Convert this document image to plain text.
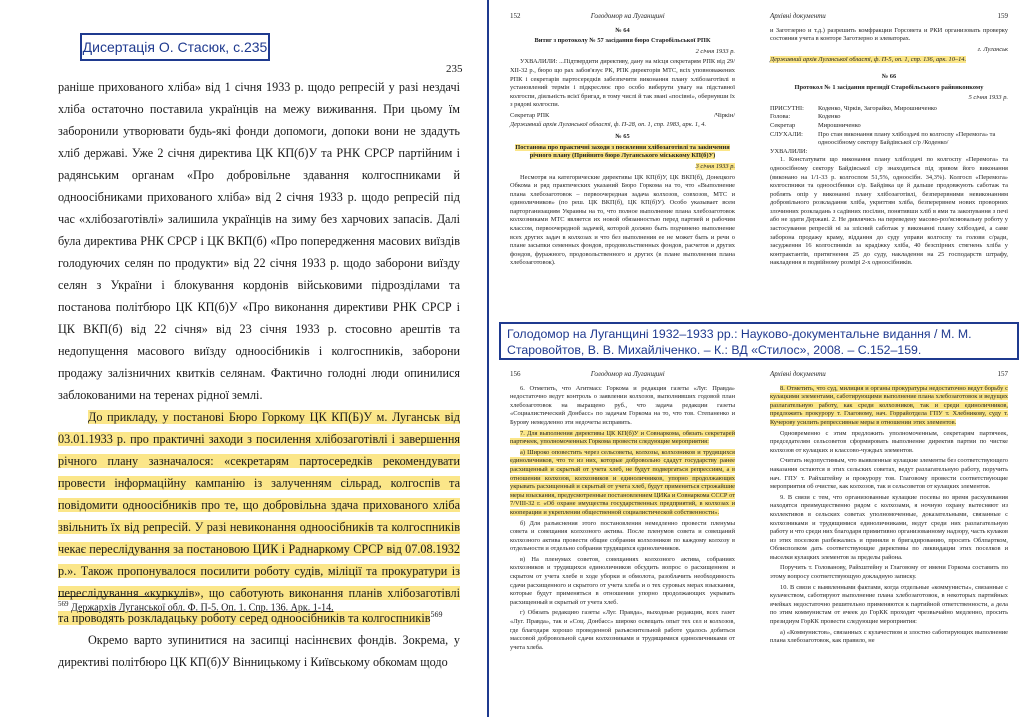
Дисертація О. Стасюк, с.235
235

раніше прихованого хліба» від 1 січня 1933 р. щодо репресій у разі нездачі хліба остаточно поставила українців на межу виживання. При цьому їм заборонили утворювати будь-які фонди допомоги, допоки вони не здадуть хліб державі. Уже 2 січня директива ЦК КП(б)У та РНК СРСР партійним і радянським органам «Про добровільне здавання колгоспниками й одноосібниками прихованого хліба» від 2 січня 1933 р. щодо репресій під час «хлібозаготівлі» залишила українців на зиму без харчових запасів. Далі була директива РНК СРСР і ЦК ВКП(б) «Про попередження масових виїздів голодуючих селян по продукти» від 22 січня 1933 р. щодо заборони виїзду селян з України і блокування кордонів військовими підрозділами та постанова політбюро ЦК КП(б)У «Про виконання директиви РНК СРСР і ЦК ВКП(б) від 22 січня» від 23 січня 1933 р. стосовно арештів та недопущення масового виїзду одноосібників і колгоспників, заборони продажу залізничних квитків селянам. Фактично голодні люди опинилися заблокованими на теренах рідної землі.

До прикладу, у постанові Бюро Горкому ЦК КП(Б)У м. Луганськ від 03.01.1933 р. про практичні заходи з посилення хлібозаготівлі і завершення річного плану зазначалося: «секретарям партосередків рекомендувати провести інформаційну кампанію із залученням сільрад, колгоспів та повідомити одноосібників про те, що добровільна здача прихованого хліба звільнить їх від репресій. У разі невиконання одноосібників та колгоспників чекає переслідування за постановою ЦИК і Раднаркому СРСР від 07.08.1932 р.». Також пропонувалося посилити роботу судів, міліції та прокуратури із переслідування «куркулів», що саботують виконання планів хлібозаготівлі та проводять розкладацьку роботу серед одноосібників та колгоспників$^{569}$

Окремо варто зупинитися на засипці насіннєвих фондів. Зокрема, у директиві політбюро ЦК КП(б)У Вінницькому і Київському обкомам щодо

$^{569}$ Держархів Луганської обл. Ф. П-5. Оп. 1. Спр. 136. Арк. 1-14.
152	Голодомор на Луганщині

№ 64

Витяг з протоколу № 57 засідання бюро Старобільської РПК

2 січня 1933 р.

УХВАЛИЛИ: ...Підтвердити директиву, дану на місця секретарям РПК від 29/ХII-32 р., бюро що рах забов'язує РК, РПК директорів МТС, всіх уповноважених РПК і секретарів партосередків забезпечити виконання плану хлібозаготівлі в установлений термін і підкреслює про особо виберути увагу на підставної колгоспи, діяльність всієї бригад, в тому числі й так звані «посівні», обернувши їх з рядові колгоспи.

Секретар РПК	/Чіркін/

Державний архів Луганської області, ф. П-28, оп. 1, спр. 1983, арк. 1, 4.

№ 65

Постанова про практичні заходи з посилення хлібозаготівлі та закінчення річного плану (Прийнято бюро Луганського міськкому КП(б)У)

3 січня 1933 р.

Несмотря на категорические директивы ЦК КП(б)У, ЦК ВКП(б), Донецкого Обкома и ряд практических указаний Бюро Горкома на то, что «Выполнение плана хлебозаготовок – первоочередная задача колхозов, совхозов, МТС и единоличников» (по реш. ЦК ВКП(б), ЦК КП(б)У). Особо указывает всем парторганизациям Украины на то, что полное выполнение плана хлебозаготовок колхозниками МТС является их новой обязанностью перед партией и рабочим классом, первоочередной задачей, которой должно быть подчинено выполнение всех других задач в колхозах и что без выполнения ее не может быть и речи о плане засыпки семенных фондов, продовольственных фондов, расчетов и других фондов, фуражного, продовольственного и других (в плане выполнения плана хлебозаготовок).

Архівні документи	159

и Заготзерно и т.д.) разрешить комфракции Горсовета и РКИ организовать проверку состояния учета в конторе Заготзерно и элеваторах.

г. Луганськ

Державний архів Луганської області, ф. П-5, оп. 1, спр. 136, арк. 10–14.

№ 66

Протокол № 1 засідання президії Старобільського райвиконкому

5 січня 1933 р.

ПРИСУТНІ:	Коденко, Чірків, Загорайко, Мирошниченко
Голова:	Коденко
Секретар	Мирошниченко
СЛУХАЛИ:	Про стан виконання плану хлібоздачі по колгоспу «Перемога» та одноосібному сектору Байдівської с/р /Коденко/
УХВАЛИЛИ:

1. Констатувати що виконання плану хлібоздачі по колгоспу «Перемога» та одноосібному сектору Байдівської с/р знаходиться під зривом його виконання (виконано на 1/1-33 р. колгоспом 51,5%, одноосібн. 34,3%). Колгосп «Перемога» колгоспники та одноосібники с/р. Байдівка це й дальше продовжують саботаж та роблять опір у виконанні плану хлібозаготівлі, безперервними невиконанням добровільного розкладання хліба, укриттям хліба, безперервнем нових проворних злочинних розкладань з садівних посілин, понятивши хліб в ями та закопування з печі або не здати Державі. 2. Не дивлячись на переведену масово-роз'яснювальну роботу у застосування репресій ні за злісний саботаж у виконанні плану хлібоздачі, а саме заборона продажу краму, віддання до суду управи колгоспу та голови с/ради, засудження 16 колгоспників за крадіжку хліба, 40 безспірних стягнень хліба у контрактантів, притягнення 25 до суду, накладення на 25 господарств штрафу, накладення в подвійному розмірі 2-х одноосібників.

Голодомор на Луганщині 1932–1933 рр.: Науково-документальне видання / М. М. Старовойтов, В. В. Михайліченко. – К.: ВД «Стилос», 2008. – С.152–159.
156	Голодомор на Луганщині

6. Отметить, что Агитмасс Горкома и редакция газеты «Луг. Правда» недостаточно ведут контроль о заявлении колхозов, выполнивших годовой план хлебозаготовок на выращено руб., что задача редакции газеты «Социалистический Донбасс» по задачам Горкома на то, что тов. Степаненко и Бурову немедленно эти недочеты исправить.

7. Для выполнения директивы ЦК КП(б)У и Совнаркома, обязать секретарей партячеек, уполномоченных Горкома провести следующие мероприятия:

а) Широко оповестить через сельсоветы, колхозы, колхозников и трудящихся единоличников, что те из них, которые добровольно сдадут государству ранее расхищенный и скрытый от учета хлеб, не будут подвергаться репрессиям, а в отношении колхозов, колхозников и единоличников, упорно продолжающих укрывать расхищенный и скрытый от учета хлеб, будут применяться строжайшие меры взыскания, предусмотренные постановлением ЦИКа и Совнаркома СССР от 7/VIII-32 г. «Об охране имущества государственных предприятий, в колхозах и кооперации и укреплении общественной социалистической собственности».

б) Для разъяснения этого постановления немедленно провести пленумы совета и совещания колхозного актива. После пленумов совета и совещаний колхозного актива провести общие собрания колхозников по каждому колхозу в отдельности и отдельно собрания трудящихся единоличников.

в) На пленумах советов, совещаниях колхозного актива, собраниях колхозников и трудящихся единоличников обсудить вопрос о расхищенном и скрытом от учета хлебе в ходе уборки и обмолота, разоблачить необходимость сдачи расхищенного и скрытого от учета хлеба и о тех суровых мерах взыскания, которые будут применяться в отношении упорно продолжающих укрывать расхищенный и скрытый от учета хлеб.

г) Обязать редакцию газеты «Луг. Правда», выходные редакции, всех газет «Луг. Правда», так и «Соц. Донбасс» широко освещать опыт тех сел и колхозов, где благодаря хорошо проведенной разъяснительной работе удалось добиться массовой добровольной сдачи колхозниками и трудящимися единоличниками от учета хлеба.

Архівні документи	157

8. Отметить, что суд, милиция и органы прокуратуры недостаточно ведут борьбу с кулацкими элементами, саботирующими выполнение плана хлебозаготовок и ведущих разлагательную работу, как среди колхозников, так и среди единоличников, предложить прокурору т. Глаговому, нач. Горрайотдела ГПУ т. Хлебникову, суду т. Кучерову усилить репрессивные меры в отношении этих элементов.

Одновременно с этим предложить уполномоченным, секретарям партячеек, председателям сельсоветов сформировать выполнение директив партии по чистке колхозов от кулацких и классово-чуждых элементов.

Считать недопустимым, что выявленные кулацкие элементы без соответствующего наказания остаются в этих сельских советах, ведут разлагательную работу, поручить нач. ГПУ т. Райхштейну и прокурору тов. Глаговому провести соответствующие мероприятия об очистке, как колхозов, так и сельсоветов от кулацких элементов.

9. В связи с тем, что организованные кулацкие посевы во время расхуливания находятся преимущественно рядом с колхозами, я ночную охрану вытесняют из коллективов в сельских советах уполномоченные, доказательными, связанные с колхозниками и трудящимися единоличниками, ведут среди них разлагательную работу и что среди них благодаря примитивно организованному надзору, часть кулаков из этих поселков разбежались и приняли в бригадированию, просить Облпартком, Облисполком дать соответствующие директивы по ликвидации этих поселков и выселки кулацких элементов за пределы района.

Поручить т. Голованову, Райхштейну и Глаговому от имени Горкома составить по этому вопросу соответствующую докладную записку.

10. В связи с выявленными фактами, когда отдельные «коммунисты», связанные с кулачеством, саботируют выполнение плана хлебозаготовок, в некоторых партийных ячейках недостаточно решительно применяются к партийной ответственности, а дела по этим коммунистам от ячеек до ГорКК проходят чрезвычайно медленно, просить президиум ГорКК провести следующие мероприятия:

а) «Коммунистов», связанных с кулачеством и злостно саботирующих выполнение плана хлебозаготовок, как правило, не
